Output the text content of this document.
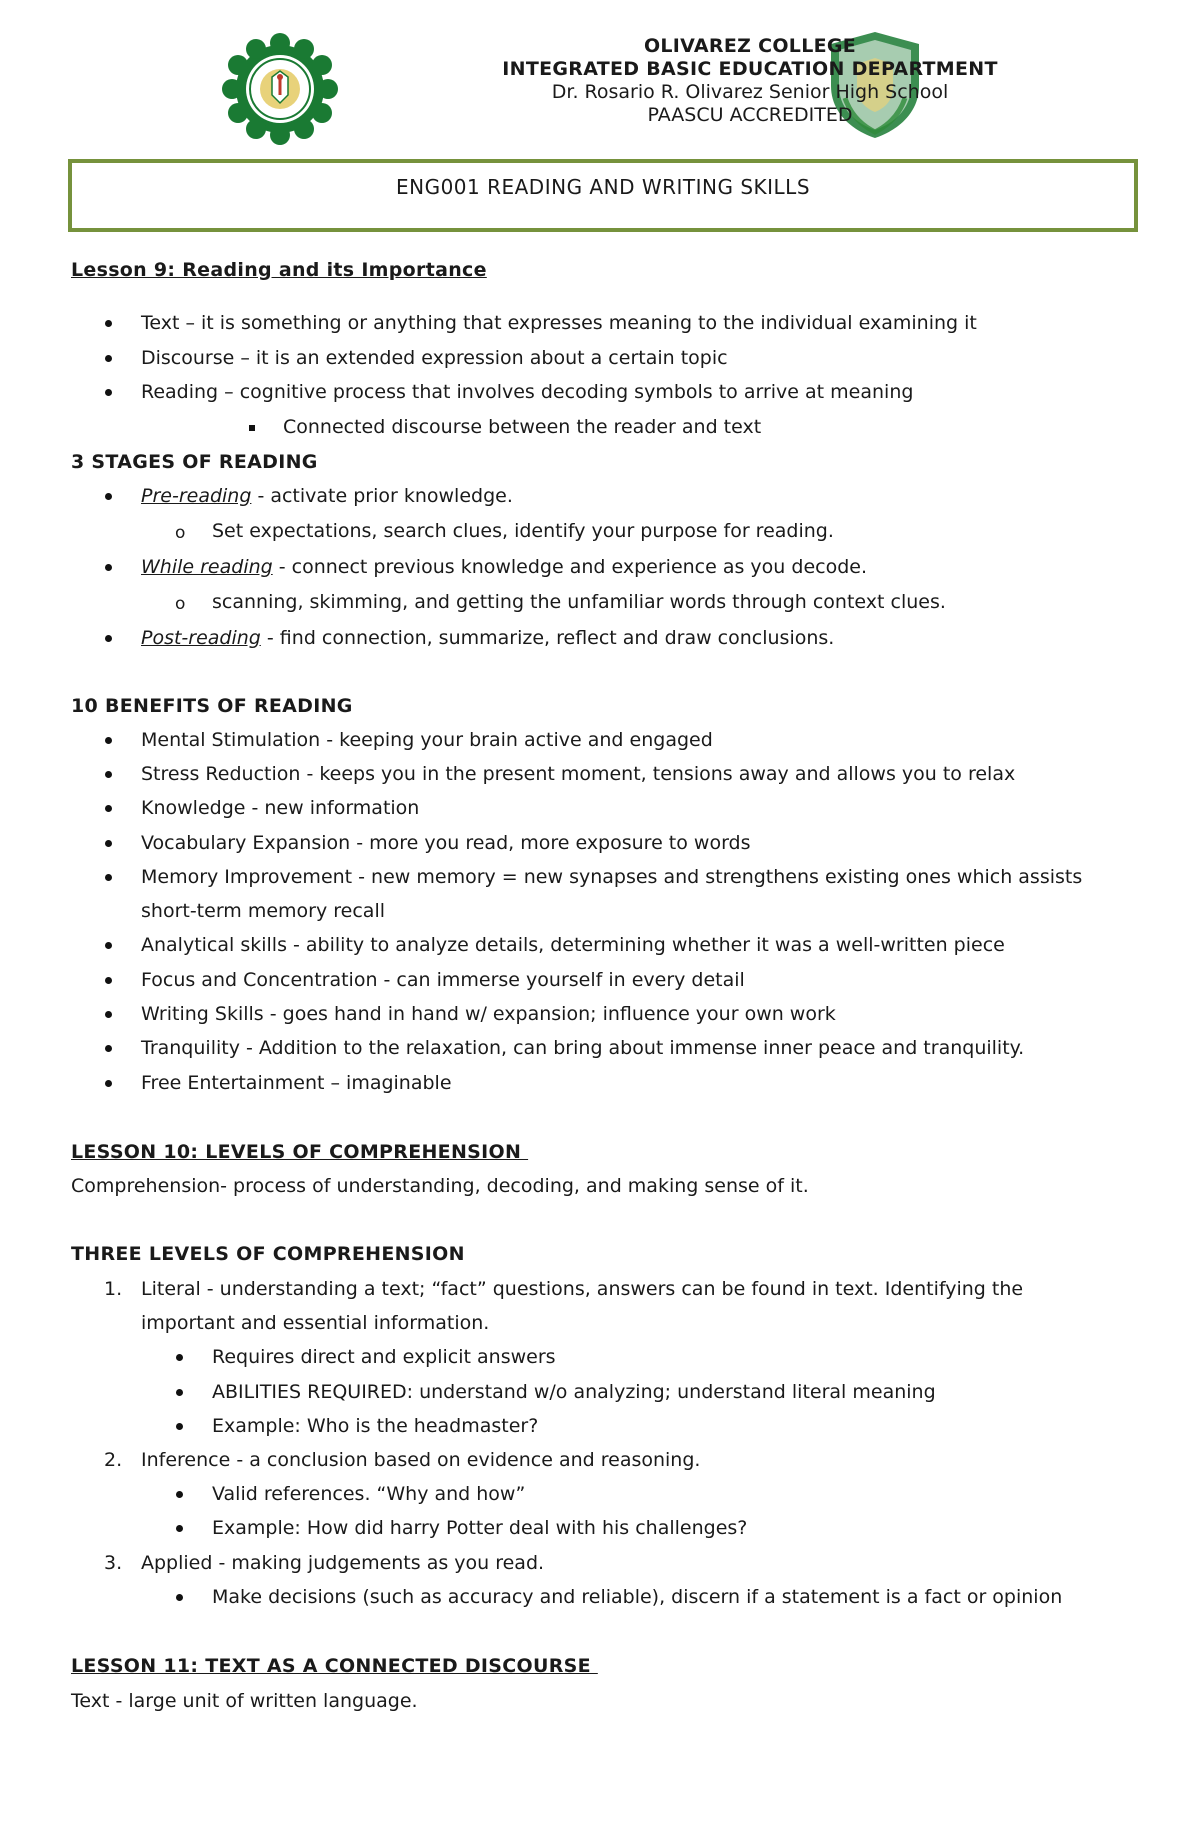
OLIVAREZ COLLEGE
INTEGRATED BASIC EDUCATION DEPARTMENT
Dr. Rosario R. Olivarez Senior High School
PAASCU ACCREDITED
ENG001 READING AND WRITING SKILLS
Lesson 9: Reading and its Importance
Text – it is something or anything that expresses meaning to the individual examining it
Discourse – it is an extended expression about a certain topic
Reading – cognitive process that involves decoding symbols to arrive at meaning
Connected discourse between the reader and text
3 STAGES OF READING
Pre-reading - activate prior knowledge.
o Set expectations, search clues, identify your purpose for reading.
While reading - connect previous knowledge and experience as you decode.
o scanning, skimming, and getting the unfamiliar words through context clues.
Post-reading - find connection, summarize, reflect and draw conclusions.
10 BENEFITS OF READING
Mental Stimulation - keeping your brain active and engaged
Stress Reduction - keeps you in the present moment, tensions away and allows you to relax
Knowledge - new information
Vocabulary Expansion - more you read, more exposure to words
Memory Improvement - new memory = new synapses and strengthens existing ones which assists
short-term memory recall
Analytical skills - ability to analyze details, determining whether it was a well-written piece
Focus and Concentration - can immerse yourself in every detail
Writing Skills - goes hand in hand w/ expansion; influence your own work
Tranquility - Addition to the relaxation, can bring about immense inner peace and tranquility.
Free Entertainment – imaginable
LESSON 10: LEVELS OF COMPREHENSION
Comprehension- process of understanding, decoding, and making sense of it.
THREE LEVELS OF COMPREHENSION
1. Literal - understanding a text; “fact” questions, answers can be found in text. Identifying the
important and essential information.
Requires direct and explicit answers
ABILITIES REQUIRED: understand w/o analyzing; understand literal meaning
Example: Who is the headmaster?
2. Inference - a conclusion based on evidence and reasoning.
Valid references. “Why and how”
Example: How did harry Potter deal with his challenges?
3. Applied - making judgements as you read.
Make decisions (such as accuracy and reliable), discern if a statement is a fact or opinion
LESSON 11: TEXT AS A CONNECTED DISCOURSE
Text - large unit of written language.
